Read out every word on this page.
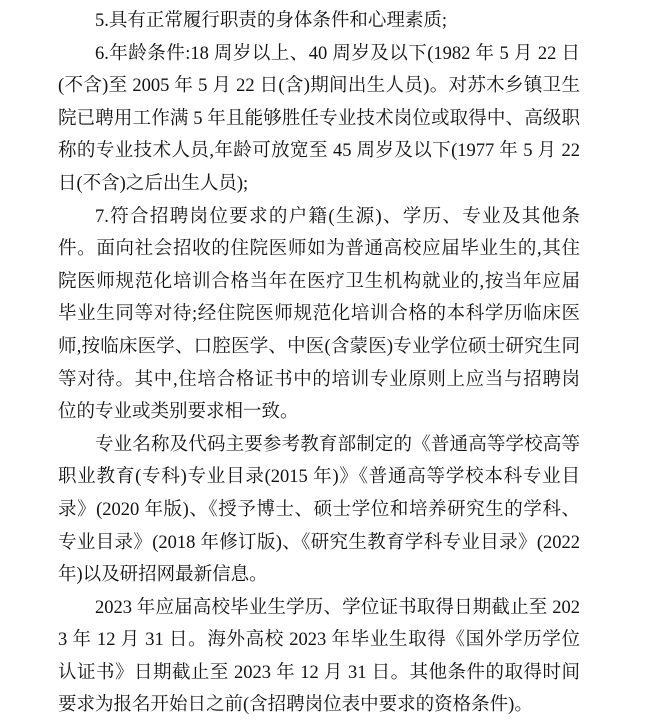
5.具有正常履行职责的身体条件和心理素质;

6.年龄条件:18 周岁以上、40 周岁及以下(1982 年 5 月 22 日(不含)至 2005 年 5 月 22 日(含)期间出生人员)。对苏木乡镇卫生院已聘用工作满 5 年且能够胜任专业技术岗位或取得中、高级职称的专业技术人员,年龄可放宽至 45 周岁及以下(1977 年 5 月 22 日(不含)之后出生人员);

7.符合招聘岗位要求的户籍(生源)、学历、专业及其他条件。面向社会招收的住院医师如为普通高校应届毕业生的,其住院医师规范化培训合格当年在医疗卫生机构就业的,按当年应届毕业生同等对待;经住院医师规范化培训合格的本科学历临床医师,按临床医学、口腔医学、中医(含蒙医)专业学位硕士研究生同等对待。其中,住培合格证书中的培训专业原则上应当与招聘岗位的专业或类别要求相一致。

专业名称及代码主要参考教育部制定的《普通高等学校高等职业教育(专科)专业目录(2015 年)》《普通高等学校本科专业目录》(2020 年版)、《授予博士、硕士学位和培养研究生的学科、专业目录》(2018 年修订版)、《研究生教育学科专业目录》(2022 年)以及研招网最新信息。

2023 年应届高校毕业生学历、学位证书取得日期截止至 2023 年 12 月 31 日。海外高校 2023 年毕业生取得《国外学历学位认证书》日期截止至 2023 年 12 月 31 日。其他条件的取得时间要求为报名开始日之前(含招聘岗位表中要求的资格条件)。
